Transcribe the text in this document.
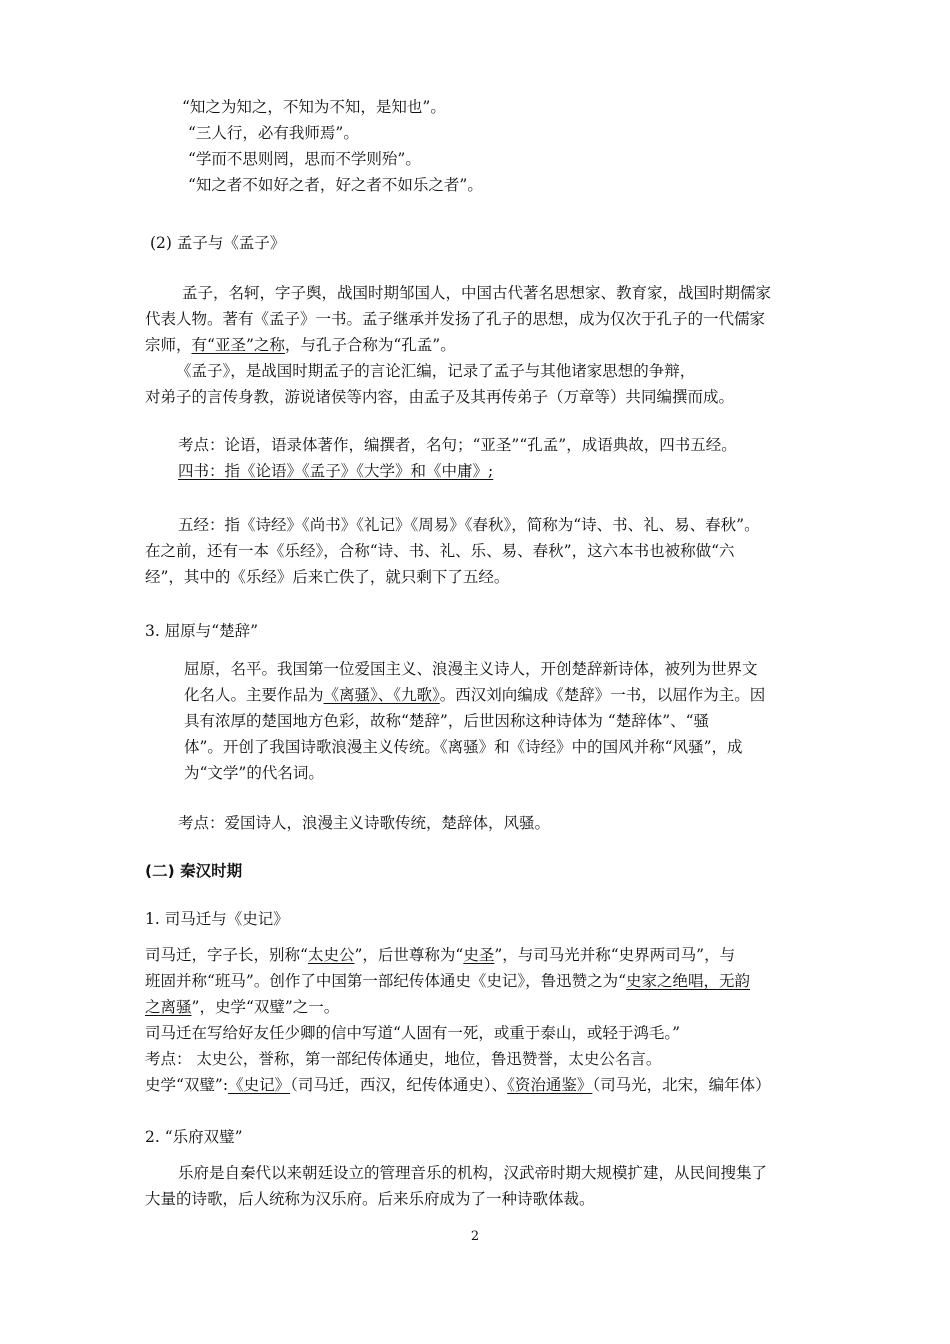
“知之为知之，不知为不知，是知也”。
“三人行，必有我师焉”。
“学而不思则罔，思而不学则殆”。
“知之者不如好之者，好之者不如乐之者”。
(2) 孟子与《孟子》
孟子，名轲，字子舆，战国时期邹国人，中国古代著名思想家、教育家，战国时期儒家
代表人物。著有《孟子》一书。孟子继承并发扬了孔子的思想，成为仅次于孔子的一代儒家
宗师，有“亚圣”之称，与孔子合称为“孔孟”。
《孟子》，是战国时期孟子的言论汇编，记录了孟子与其他诸家思想的争辩，
对弟子的言传身教，游说诸侯等内容，由孟子及其再传弟子（万章等）共同编撰而成。
考点：论语，语录体著作，编撰者，名句；“亚圣”“孔孟”，成语典故，四书五经。
四书：指《论语》《孟子》《大学》和《中庸》;
五经：指《诗经》《尚书》《礼记》《周易》《春秋》，简称为“诗、书、礼、易、春秋”。
在之前，还有一本《乐经》，合称“诗、书、礼、乐、易、春秋”，这六本书也被称做“六
经”，其中的《乐经》后来亡佚了，就只剩下了五经。
3. 屈原与“楚辞”
屈原，名平。我国第一位爱国主义、浪漫主义诗人，开创楚辞新诗体，被列为世界文
化名人。主要作品为《离骚》、《九歌》。西汉刘向编成《楚辞》一书，以屈作为主。因
具有浓厚的楚国地方色彩，故称“楚辞”，后世因称这种诗体为 “楚辞体”、“骚
体”。开创了我国诗歌浪漫主义传统。《离骚》和《诗经》中的国风并称“风骚”，成
为“文学”的代名词。
考点：爱国诗人，浪漫主义诗歌传统，楚辞体，风骚。
(二) 秦汉时期
1. 司马迁与《史记》
司马迁，字子长，别称“太史公”，后世尊称为“史圣”，与司马光并称“史界两司马”，与
班固并称“班马”。创作了中国第一部纪传体通史《史记》，鲁迅赞之为“史家之绝唱，无韵
之离骚”，史学“双璧”之一。
司马迁在写给好友任少卿的信中写道“人固有一死，或重于泰山，或轻于鸿毛。”
考点： 太史公，誉称，第一部纪传体通史，地位，鲁迅赞誉，太史公名言。
史学“双璧”:《史记》（司马迁，西汉，纪传体通史）、《资治通鉴》（司马光，北宋，编年体）
2. “乐府双璧”
乐府是自秦代以来朝廷设立的管理音乐的机构，汉武帝时期大规模扩建，从民间搜集了
大量的诗歌，后人统称为汉乐府。后来乐府成为了一种诗歌体裁。
2
